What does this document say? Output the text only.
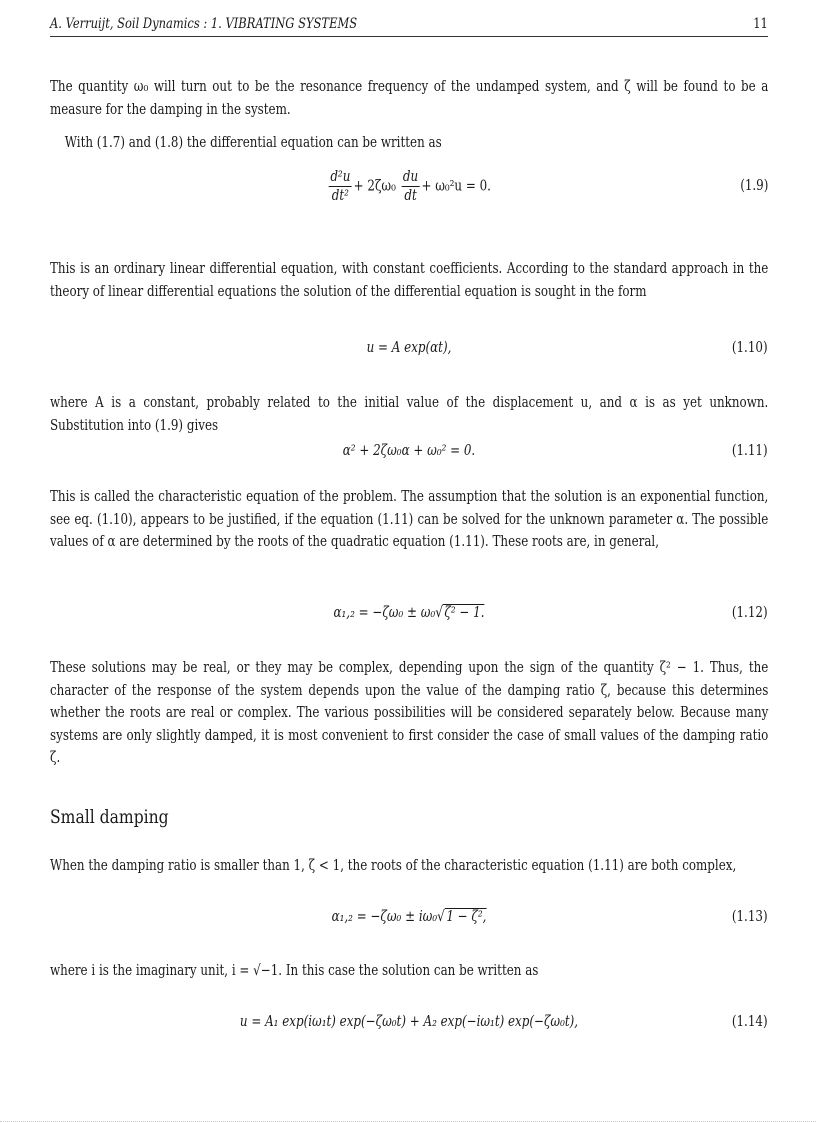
A. Verruijt, Soil Dynamics : 1. VIBRATING SYSTEMS	11
The quantity ω₀ will turn out to be the resonance frequency of the undamped system, and ζ will be found to be a measure for the damping in the system.
With (1.7) and (1.8) the differential equation can be written as
$\frac{\text{d²u}}{\text{dt²}} + 2\zeta\omega_0 \frac{du}{dt} + \omega_0^2u = 0$.	(1.9)
This is an ordinary linear differential equation, with constant coefficients. According to the standard approach in the theory of linear differential equations the solution of the differential equation is sought in the form
u = A exp(αt),	(1.10)
where A is a constant, probably related to the initial value of the displacement u, and α is as yet unknown. Substitution into (1.9) gives
α² + 2ζω₀α + ω₀² = 0.	(1.11)
This is called the characteristic equation of the problem. The assumption that the solution is an exponential function, see eq. (1.10), appears to be justified, if the equation (1.11) can be solved for the unknown parameter α. The possible values of α are determined by the roots of the quadratic equation (1.11). These roots are, in general,
α₁,₂ = −ζω₀ ± ω₀√ ζ² − 1.	(1.12)
These solutions may be real, or they may be complex, depending upon the sign of the quantity ζ² − 1. Thus, the character of the response of the system depends upon the value of the damping ratio ζ, because this determines whether the roots are real or complex. The various possibilities will be considered separately below. Because many systems are only slightly damped, it is most convenient to first consider the case of small values of the damping ratio ζ.
Small damping
When the damping ratio is smaller than 1, ζ < 1, the roots of the characteristic equation (1.11) are both complex,
α₁,₂ = −ζω₀ ± iω₀√ 1 − ζ²,	(1.13)
where i is the imaginary unit, i = √−1. In this case the solution can be written as
u = A₁ exp(iω₁t) exp(−ζω₀t) + A₂ exp(−iω₁t) exp(−ζω₀t),	(1.14)
